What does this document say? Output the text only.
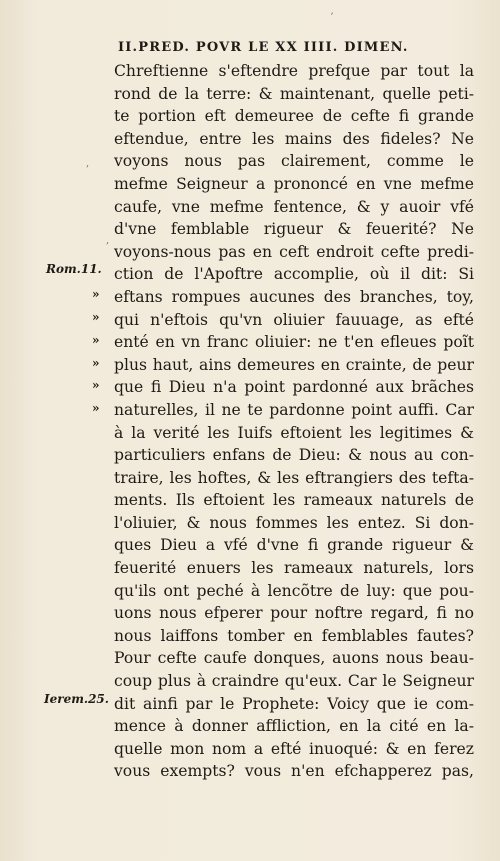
II.PRED. POVR LE XX IIII. DIMEN.
ʼ
,
,
Chreftienne s'eftendre prefque par tout la
rond de la terre: & maintenant, quelle peti-
te portion eft demeuree de cefte fi grande
eftendue, entre les mains des fideles? Ne
voyons nous pas clairement, comme le
mefme Seigneur a prononcé en vne mefme
caufe, vne mefme fentence, & y auoir vfé
d'vne femblable rigueur & feuerité? Ne
voyons-nous pas en ceft endroit cefte predi-
ction de l'Apoftre accomplie, où il dit: Si
eftans rompues aucunes des branches, toy,
qui n'eftois qu'vn oliuier fauuage, as efté
enté en vn franc oliuier: ne t'en efleues poĩt
plus haut, ains demeures en crainte, de peur
que fi Dieu n'a point pardonné aux brãches
naturelles, il ne te pardonne point auffi. Car
à la verité les Iuifs eftoient les legitimes &
particuliers enfans de Dieu: & nous au con-
traire, les hoftes, & les eftrangiers des tefta-
ments. Ils eftoient les rameaux naturels de
l'oliuier, & nous fommes les entez. Si don-
ques Dieu a vfé d'vne fi grande rigueur &
feuerité enuers les rameaux naturels, lors
qu'ils ont peché à lencõtre de luy: que pou-
uons nous efperer pour noftre regard, fi no
nous laiffons tomber en femblables fautes?
Pour cefte caufe donques, auons nous beau-
coup plus à craindre qu'eux. Car le Seigneur
dit ainfi par le Prophete: Voicy que ie com-
mence à donner affliction, en la cité en la-
quelle mon nom a efté inuoqué: & en ferez
vous exempts? vous n'en efchapperez pas,
Rom.11.
Ierem.25.
»
»
»
»
»
»
